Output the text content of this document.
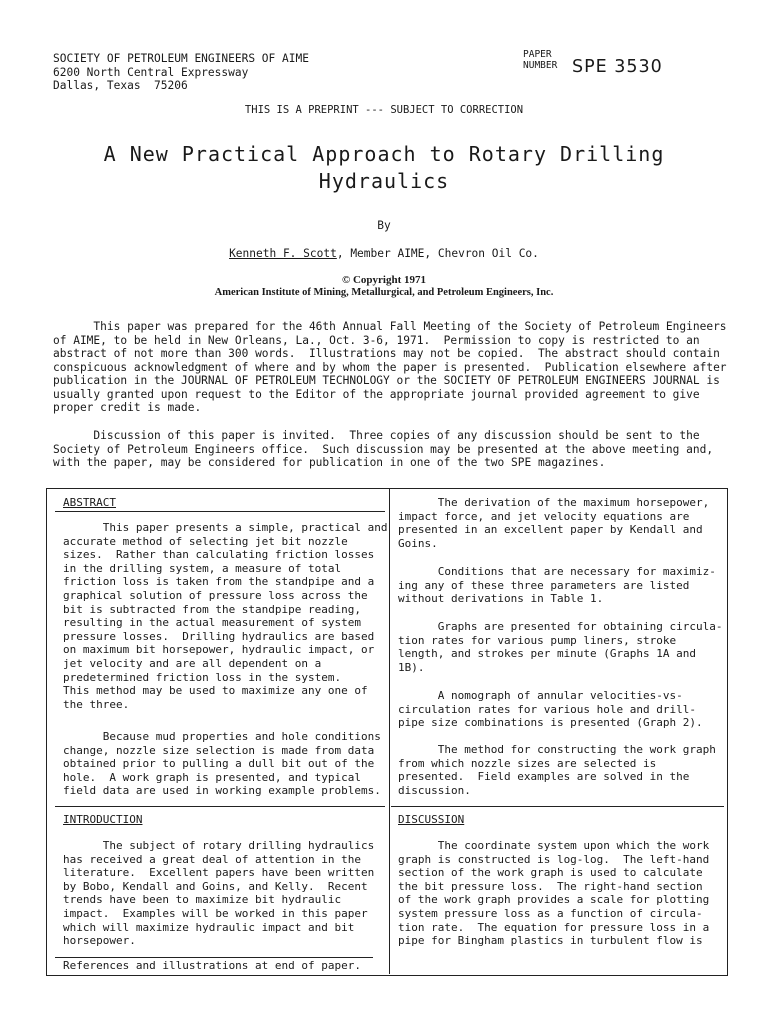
SOCIETY OF PETROLEUM ENGINEERS OF AIME
6200 North Central Expressway
Dallas, Texas  75206
PAPER
NUMBER SPE 3530
THIS IS A PREPRINT --- SUBJECT TO CORRECTION
A New Practical Approach to Rotary Drilling
Hydraulics
By
Kenneth F. Scott, Member AIME, Chevron Oil Co.
© Copyright 1971
American Institute of Mining, Metallurgical, and Petroleum Engineers, Inc.
This paper was prepared for the 46th Annual Fall Meeting of the Society of Petroleum Engineers
of AIME, to be held in New Orleans, La., Oct. 3-6, 1971.  Permission to copy is restricted to an
abstract of not more than 300 words.  Illustrations may not be copied.  The abstract should contain
conspicuous acknowledgment of where and by whom the paper is presented.  Publication elsewhere after
publication in the JOURNAL OF PETROLEUM TECHNOLOGY or the SOCIETY OF PETROLEUM ENGINEERS JOURNAL is
usually granted upon request to the Editor of the appropriate journal provided agreement to give
proper credit is made.
Discussion of this paper is invited.  Three copies of any discussion should be sent to the
Society of Petroleum Engineers office.  Such discussion may be presented at the above meeting and,
with the paper, may be considered for publication in one of the two SPE magazines.
ABSTRACT
This paper presents a simple, practical and
accurate method of selecting jet bit nozzle
sizes.  Rather than calculating friction losses
in the drilling system, a measure of total
friction loss is taken from the standpipe and a
graphical solution of pressure loss across the
bit is subtracted from the standpipe reading,
resulting in the actual measurement of system
pressure losses.  Drilling hydraulics are based
on maximum bit horsepower, hydraulic impact, or
jet velocity and are all dependent on a
predetermined friction loss in the system.
This method may be used to maximize any one of
the three.
Because mud properties and hole conditions
change, nozzle size selection is made from data
obtained prior to pulling a dull bit out of the
hole.  A work graph is presented, and typical
field data are used in working example problems.
INTRODUCTION
The subject of rotary drilling hydraulics
has received a great deal of attention in the
literature.  Excellent papers have been written
by Bobo, Kendall and Goins, and Kelly.  Recent
trends have been to maximize bit hydraulic
impact.  Examples will be worked in this paper
which will maximize hydraulic impact and bit
horsepower.
References and illustrations at end of paper.
The derivation of the maximum horsepower,
impact force, and jet velocity equations are
presented in an excellent paper by Kendall and
Goins.
Conditions that are necessary for maximiz-
ing any of these three parameters are listed
without derivations in Table 1.
Graphs are presented for obtaining circula-
tion rates for various pump liners, stroke
length, and strokes per minute (Graphs 1A and
1B).
A nomograph of annular velocities-vs-
circulation rates for various hole and drill-
pipe size combinations is presented (Graph 2).
The method for constructing the work graph
from which nozzle sizes are selected is
presented.  Field examples are solved in the
discussion.
DISCUSSION
The coordinate system upon which the work
graph is constructed is log-log.  The left-hand
section of the work graph is used to calculate
the bit pressure loss.  The right-hand section
of the work graph provides a scale for plotting
system pressure loss as a function of circula-
tion rate.  The equation for pressure loss in a
pipe for Bingham plastics in turbulent flow is
